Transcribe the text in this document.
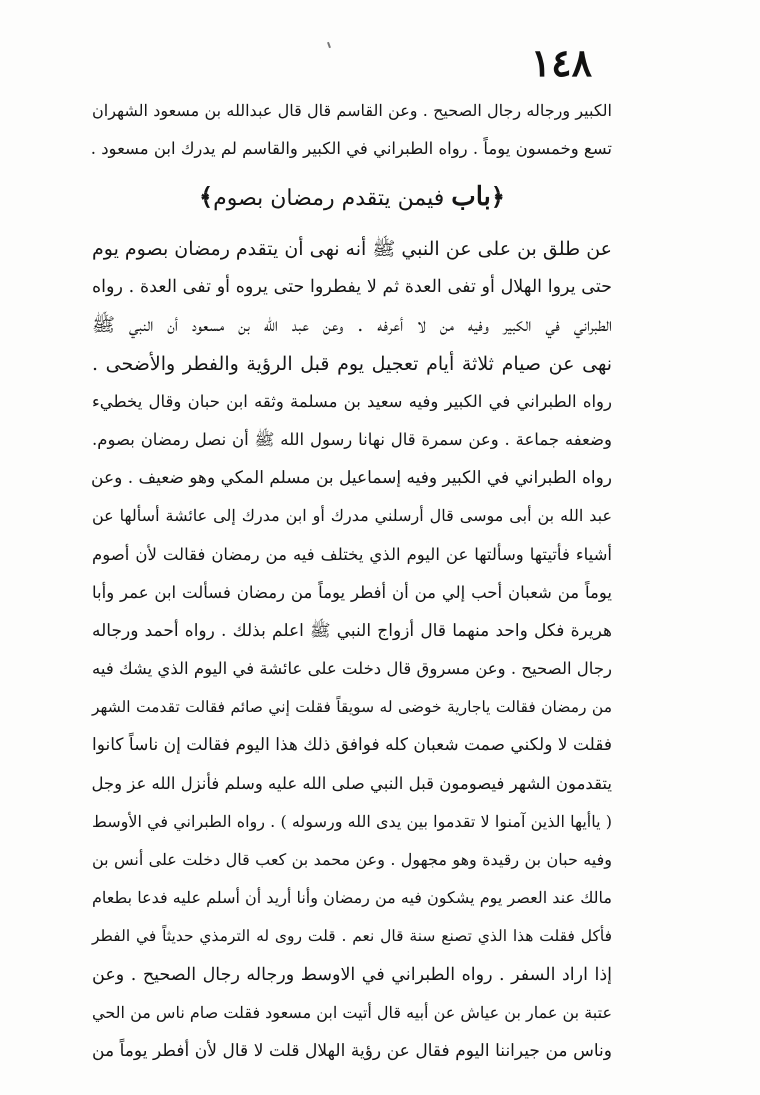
١٤٨
الكبير ورجاله رجال الصحيح . وعن القاسم قال قال عبدالله بن مسعود الشهران
تسع وخمسون يوماً . رواه الطبراني في الكبير والقاسم لم يدرك ابن مسعود .
﴿باب فيمن يتقدم رمضان بصوم﴾
عن طلق بن على عن النبي ﷺ أنه نهى أن يتقدم رمضان بصوم يوم
حتى يروا الهلال أو تفى العدة ثم لا يفطروا حتى يروه أو تفى العدة . رواه
الطبراني في الكبير وفيه من لا أعرفه . وعن عبد الله بن مسعود أن النبي ﷺ
نهى عن صيام ثلاثة أيام تعجيل يوم قبل الرؤية والفطر والأضحى .
رواه الطبراني في الكبير وفيه سعيد بن مسلمة وثقه ابن حبان وقال يخطيء
وضعفه جماعة . وعن سمرة قال نهانا رسول الله ﷺ أن نصل رمضان بصوم.
رواه الطبراني في الكبير وفيه إسماعيل بن مسلم المكي وهو ضعيف . وعن
عبد الله بن أبى موسى قال أرسلني مدرك أو ابن مدرك إلى عائشة أسألها عن
أشياء فأتيتها وسألتها عن اليوم الذي يختلف فيه من رمضان فقالت لأن أصوم
يوماً من شعبان أحب إلي من أن أفطر يوماً من رمضان فسألت ابن عمر وأبا
هريرة فكل واحد منهما قال أزواج النبي ﷺ اعلم بذلك . رواه أحمد ورجاله
رجال الصحيح . وعن مسروق قال دخلت على عائشة في اليوم الذي يشك فيه
من رمضان فقالت ياجارية خوضى له سويقاً فقلت إني صائم فقالت تقدمت الشهر
فقلت لا ولكني صمت شعبان كله فوافق ذلك هذا اليوم فقالت إن ناساً كانوا
يتقدمون الشهر فيصومون قبل النبي صلى الله عليه وسلم فأنزل الله عز وجل
( ياأيها الذين آمنوا لا تقدموا بين يدى الله ورسوله ) . رواه الطبراني في الأوسط
وفيه حبان بن رقيدة وهو مجهول . وعن محمد بن كعب قال دخلت على أنس بن
مالك عند العصر يوم يشكون فيه من رمضان وأنا أريد أن أسلم عليه فدعا بطعام
فأكل فقلت هذا الذي تصنع سنة قال نعم . قلت روى له الترمذي حديثاً في الفطر
إذا اراد السفر . رواه الطبراني في الاوسط ورجاله رجال الصحيح . وعن
عتبة بن عمار بن عياش عن أبيه قال أتيت ابن مسعود فقلت صام ناس من الحي
وناس من جيراننا اليوم فقال عن رؤية الهلال قلت لا قال لأن أفطر يوماً من
